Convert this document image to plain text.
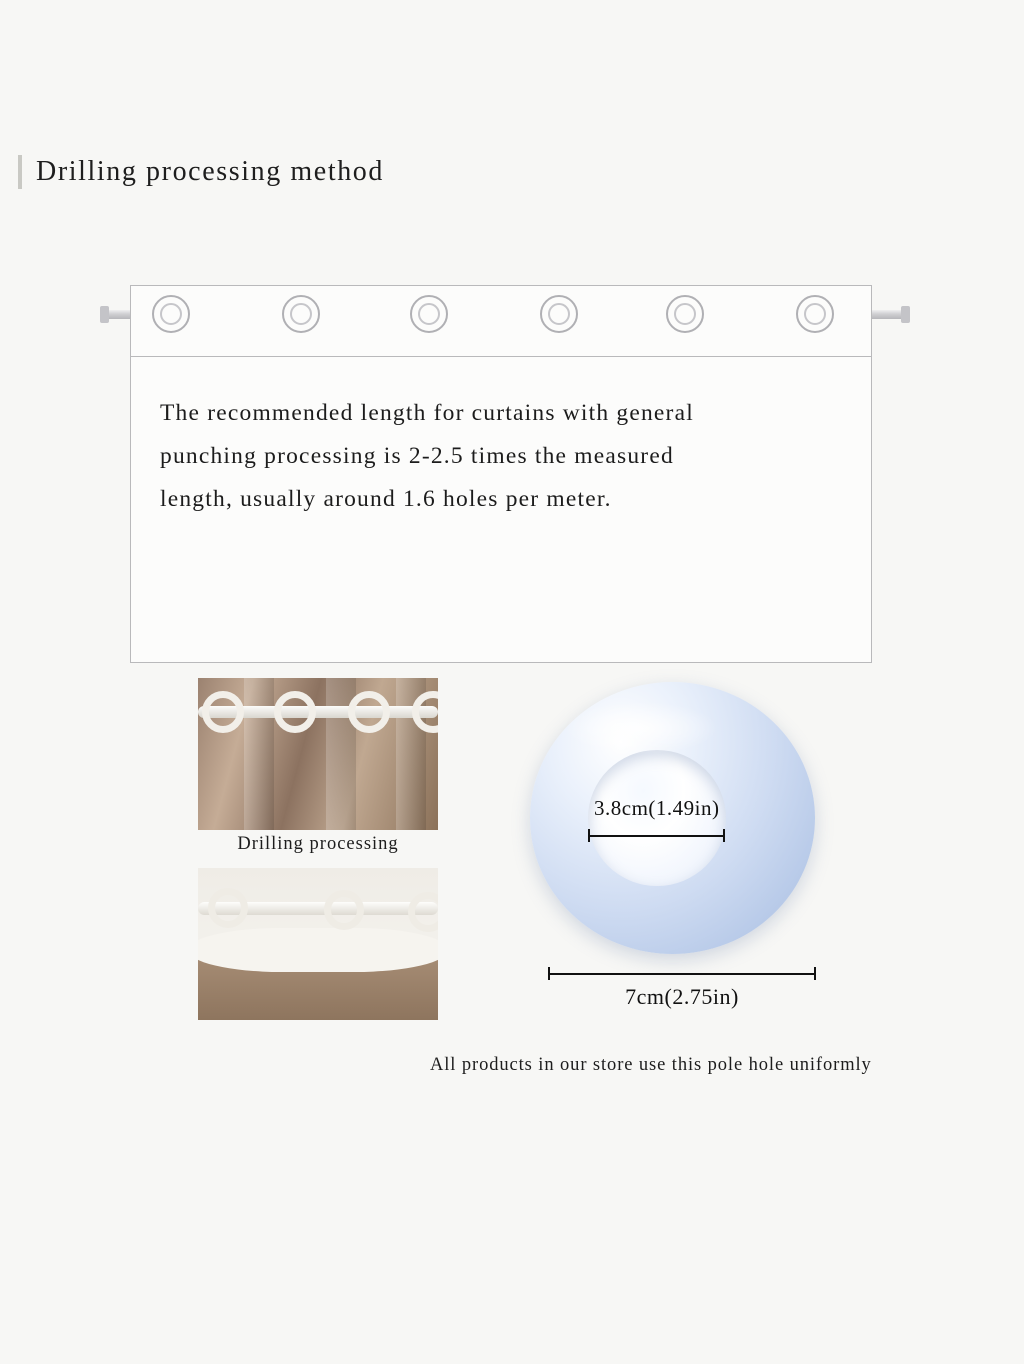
Drilling processing method
The recommended length for curtains with general
punching processing is 2-2.5 times the measured
length, usually around 1.6 holes per meter.
Drilling processing
3.8cm(1.49in)
7cm(2.75in)
All products in our store use this pole hole uniformly
